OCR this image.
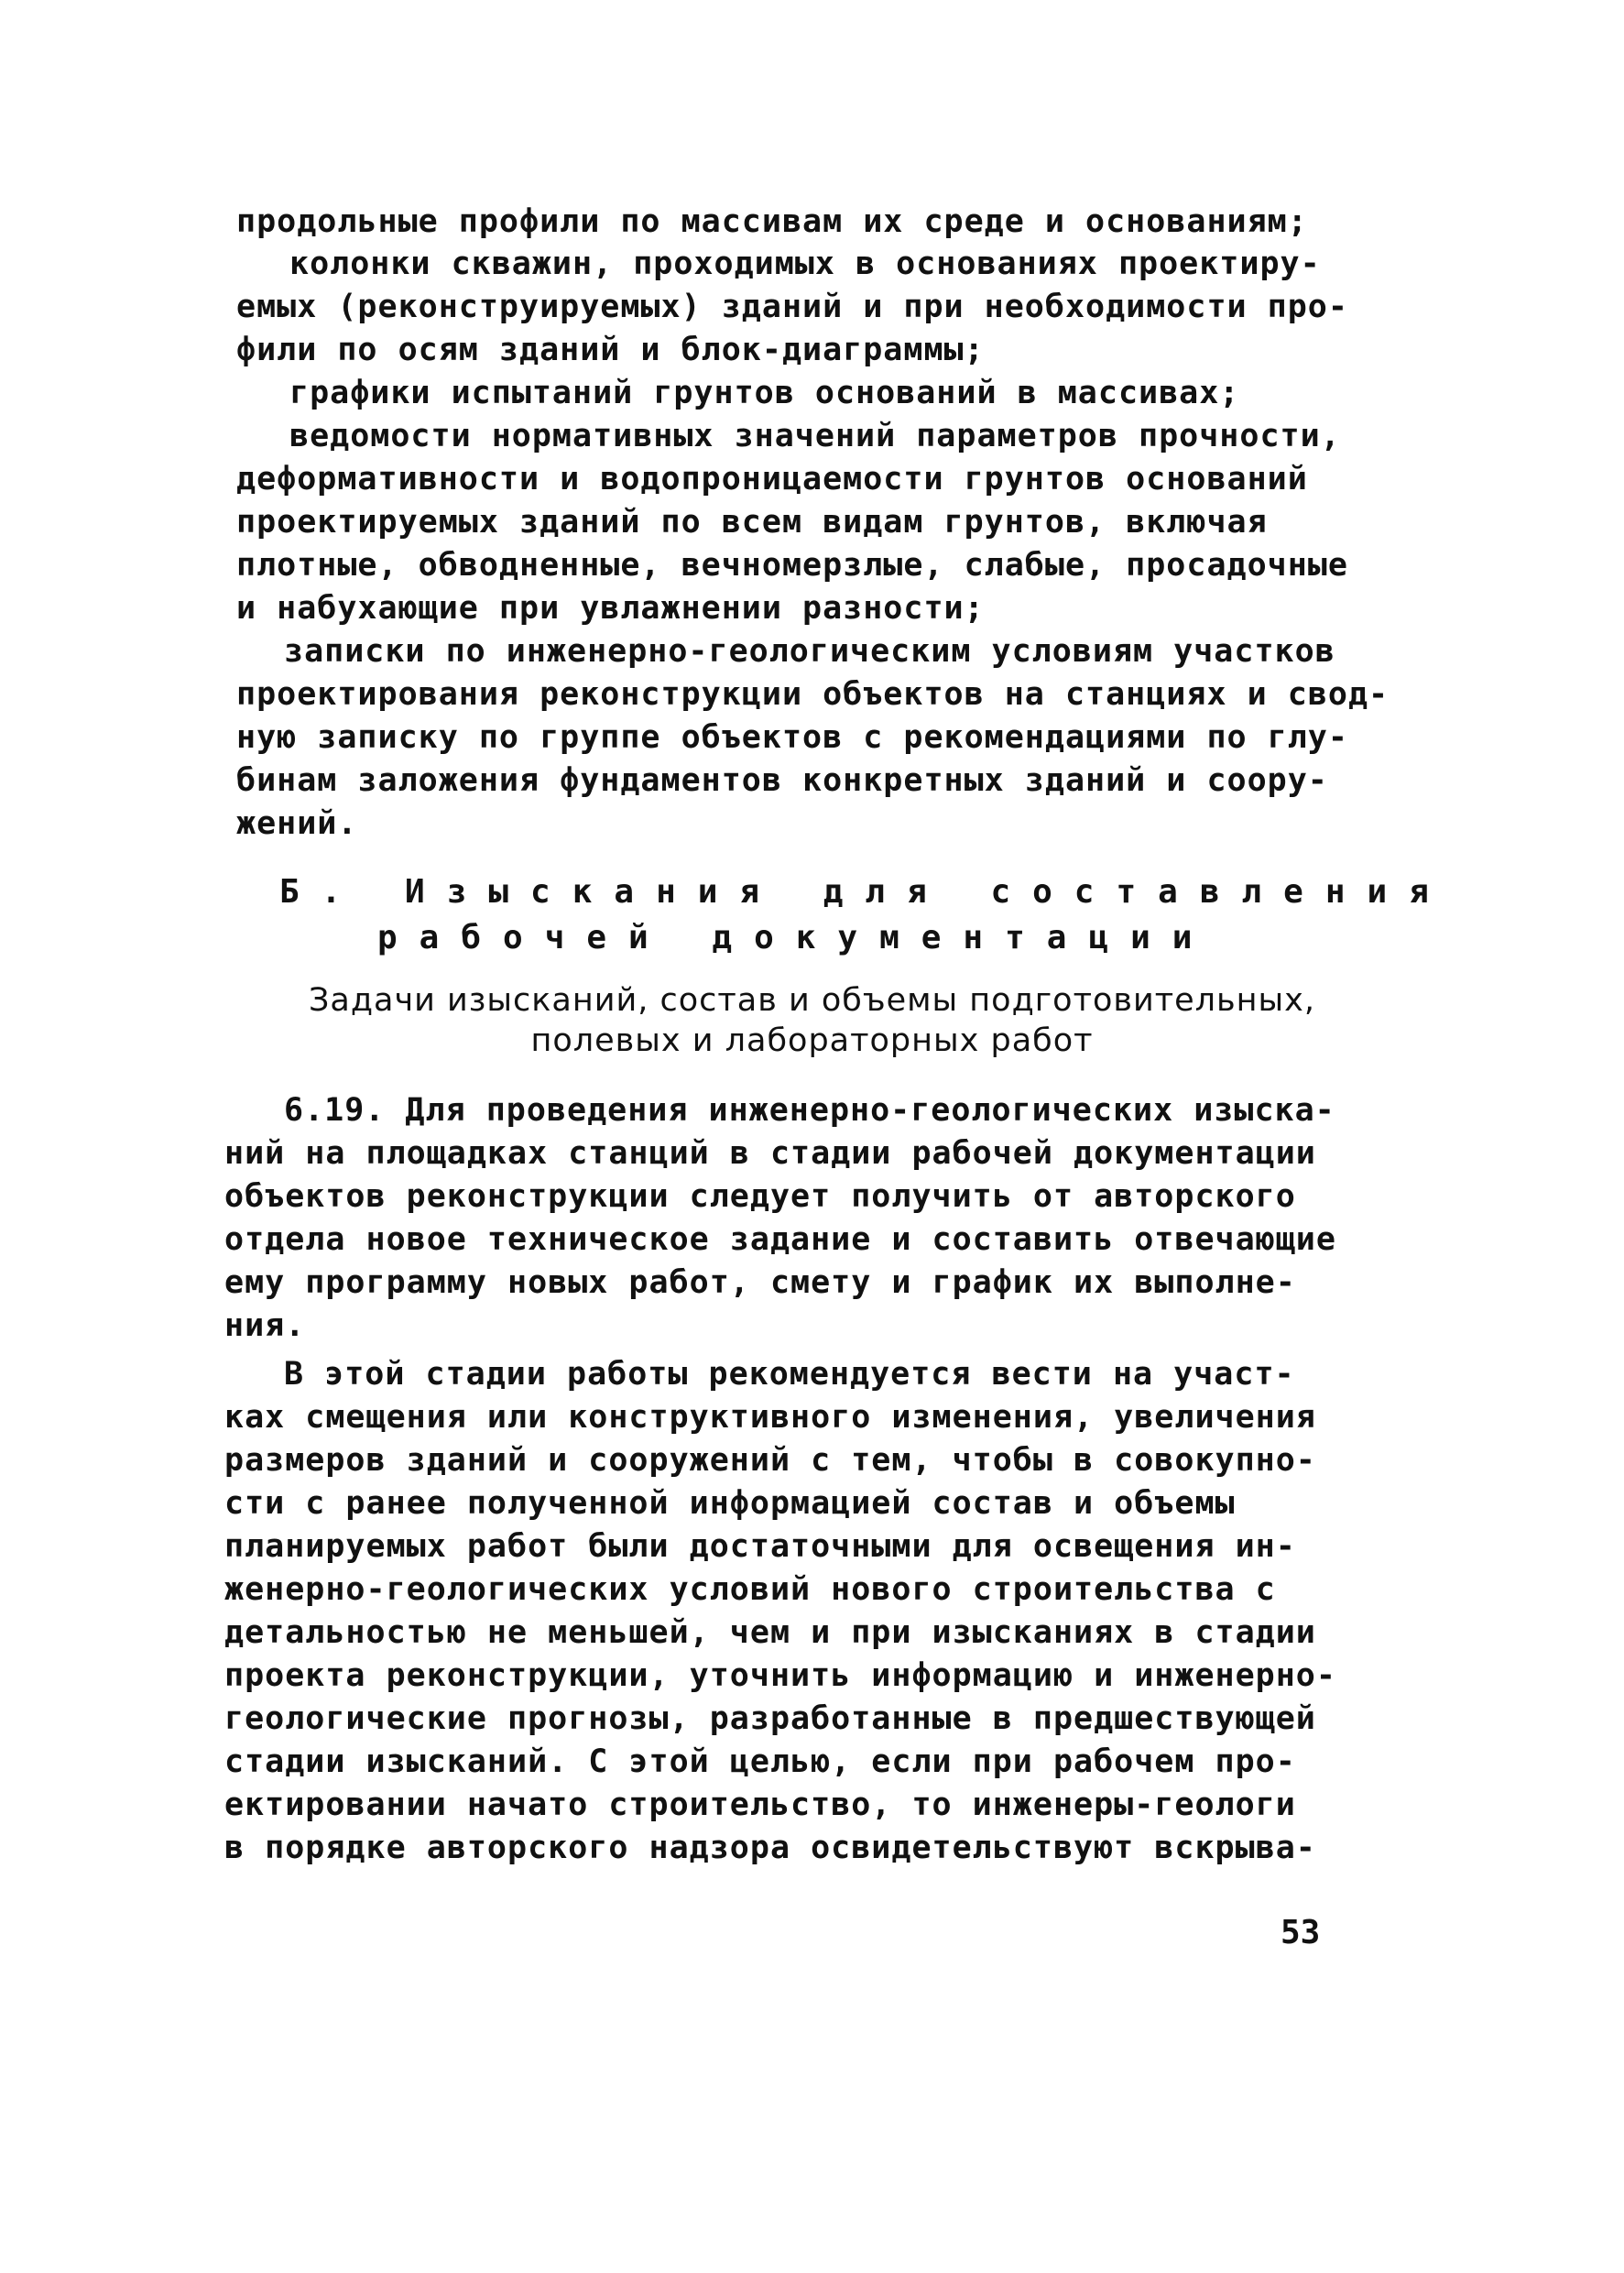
продольные профили по массивам их среде и основаниям;
колонки скважин, проходимых в основаниях проектиру-
емых (реконструируемых) зданий и при необходимости про-
фили по осям зданий и блок-диаграммы;
графики испытаний грунтов оснований в массивах;
ведомости нормативных значений параметров прочности,
деформативности и водопроницаемости грунтов оснований
проектируемых зданий по всем видам грунтов, включая
плотные, обводненные, вечномерзлые, слабые, просадочные
и набухающие при увлажнении разности;
записки по инженерно-геологическим условиям участков
проектирования реконструкции объектов на станциях и свод-
ную записку по группе объектов с рекомендациями по глу-
бинам заложения фундаментов конкретных зданий и соору-
жений.
Б. Изыскания для составления
рабочей документации
Задачи изысканий, состав и объемы подготовительных,
полевых и лабораторных работ
6.19. Для проведения инженерно-геологических изыска-
ний на площадках станций в стадии рабочей документации
объектов реконструкции следует получить от авторского
отдела новое техническое задание и составить отвечающие
ему программу новых работ, смету и график их выполне-
ния.
В этой стадии работы рекомендуется вести на участ-
ках смещения или конструктивного изменения, увеличения
размеров зданий и сооружений с тем, чтобы в совокупно-
сти с ранее полученной информацией состав и объемы
планируемых работ были достаточными для освещения ин-
женерно-геологических условий нового строительства с
детальностью не меньшей, чем и при изысканиях в стадии
проекта реконструкции, уточнить информацию и инженерно-
геологические прогнозы, разработанные в предшествующей
стадии изысканий. С этой целью, если при рабочем про-
ектировании начато строительство, то инженеры-геологи
в порядке авторского надзора освидетельствуют вскрыва-
53
